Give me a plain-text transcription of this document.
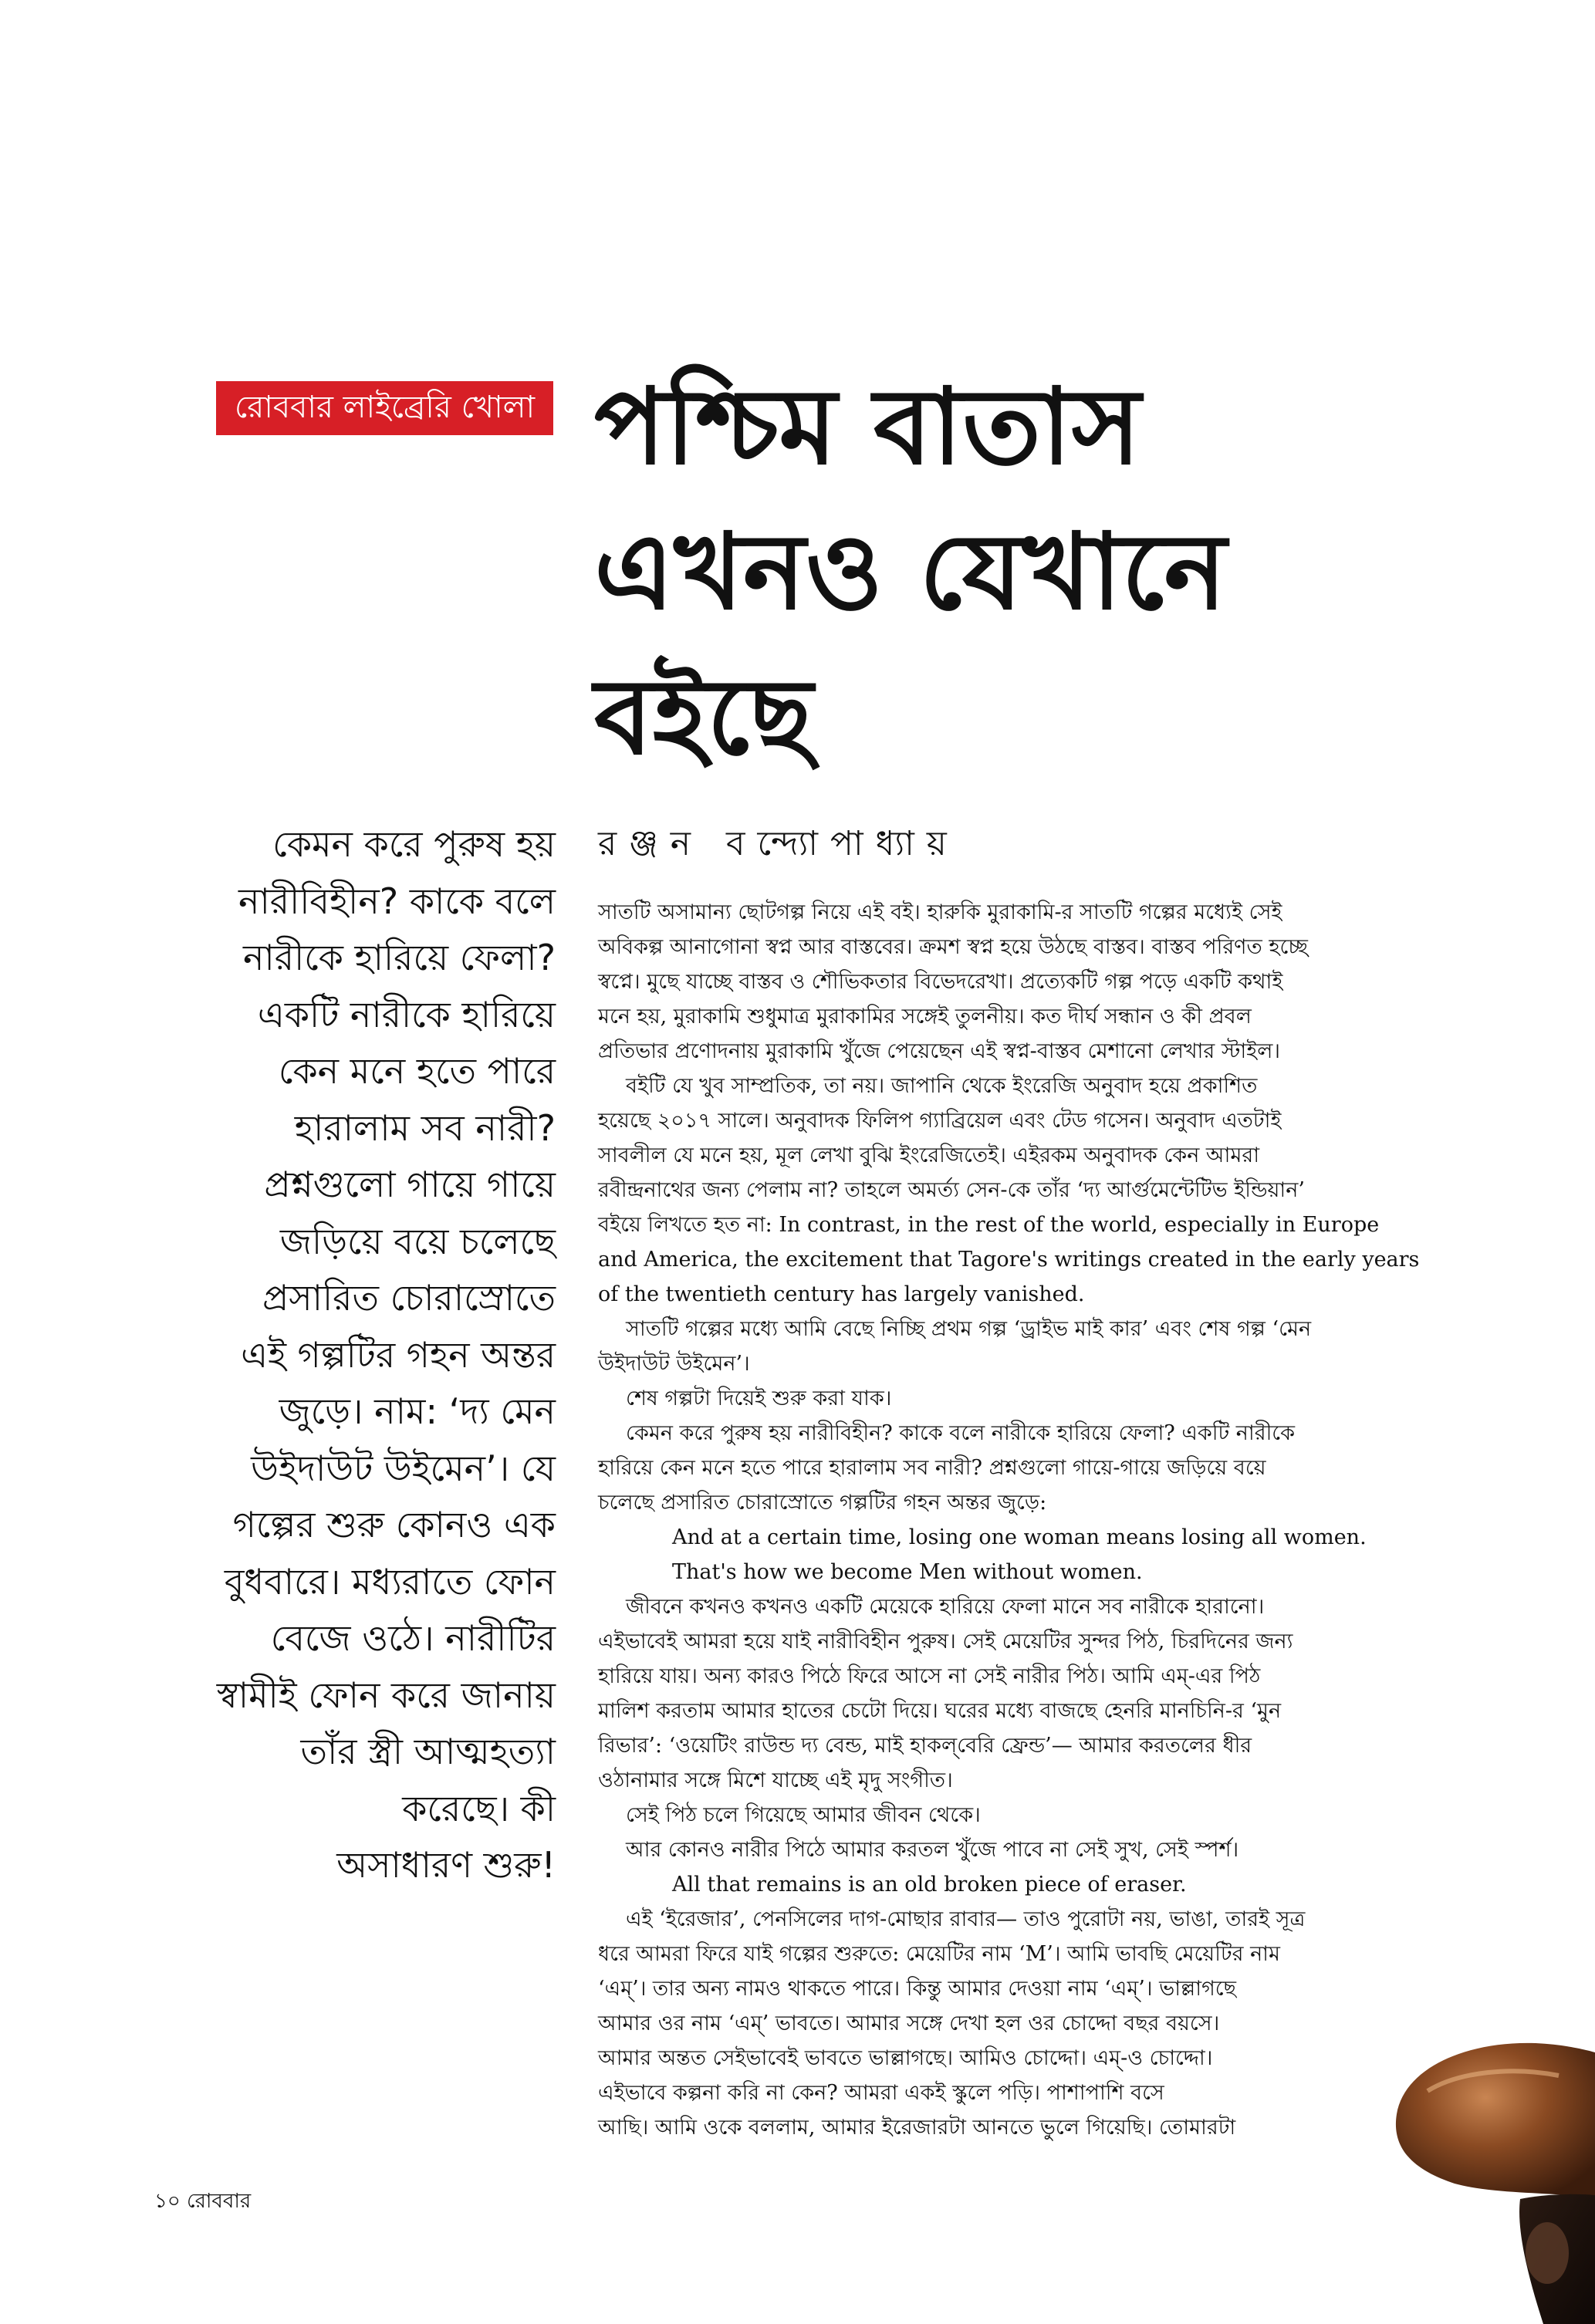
রোববার লাইব্রেরি খোলা পশ্চিম বাতাস
এখনও যেখানে
বইছে
রঞ্জন বন্দ্যোপাধ্যায়
কেমন করে পুরুষ হয়
নারীবিহীন? কাকে বলে
নারীকে হারিয়ে ফেলা?
একটি নারীকে হারিয়ে
কেন মনে হতে পারে
হারালাম সব নারী?
প্রশ্নগুলো গায়ে গায়ে
জড়িয়ে বয়ে চলেছে
প্রসারিত চোরাস্রোতে
এই গল্পটির গহন অন্তর
জুড়ে। নাম: ‘দ্য মেন
উইদাউট উইমেন’। যে
গল্পের শুরু কোনও এক
বুধবারে। মধ্যরাতে ফোন
বেজে ওঠে। নারীটির
স্বামীই ফোন করে জানায়
তাঁর স্ত্রী আত্মহত্যা
করেছে। কী
অসাধারণ শুরু!
সাতটি অসামান্য ছোটগল্প নিয়ে এই বই। হারুকি মুরাকামি-র সাতটি গল্পের মধ্যেই সেই
অবিকল্প আনাগোনা স্বপ্ন আর বাস্তবের। ক্রমশ স্বপ্ন হয়ে উঠছে বাস্তব। বাস্তব পরিণত হচ্ছে
স্বপ্নে। মুছে যাচ্ছে বাস্তব ও শৌভিকতার বিভেদরেখা। প্রত্যেকটি গল্প পড়ে একটি কথাই
মনে হয়, মুরাকামি শুধুমাত্র মুরাকামির সঙ্গেই তুলনীয়। কত দীর্ঘ সন্ধান ও কী প্রবল
প্রতিভার প্রণোদনায় মুরাকামি খুঁজে পেয়েছেন এই স্বপ্ন-বাস্তব মেশানো লেখার স্টাইল।
বইটি যে খুব সাম্প্রতিক, তা নয়। জাপানি থেকে ইংরেজি অনুবাদ হয়ে প্রকাশিত
হয়েছে ২০১৭ সালে। অনুবাদক ফিলিপ গ্যাব্রিয়েল এবং টেড গসেন। অনুবাদ এতটাই
সাবলীল যে মনে হয়, মূল লেখা বুঝি ইংরেজিতেই। এইরকম অনুবাদক কেন আমরা
রবীন্দ্রনাথের জন্য পেলাম না? তাহলে অমর্ত্য সেন-কে তাঁর ‘দ্য আর্গুমেন্টেটিভ ইন্ডিয়ান’
বইয়ে লিখতে হত না: In contrast, in the rest of the world, especially in Europe
and America, the excitement that Tagore's writings created in the early years
of the twentieth century has largely vanished.
সাতটি গল্পের মধ্যে আমি বেছে নিচ্ছি প্রথম গল্প ‘ড্রাইভ মাই কার’ এবং শেষ গল্প ‘মেন
উইদাউট উইমেন’।
শেষ গল্পটা দিয়েই শুরু করা যাক।
কেমন করে পুরুষ হয় নারীবিহীন? কাকে বলে নারীকে হারিয়ে ফেলা? একটি নারীকে
হারিয়ে কেন মনে হতে পারে হারালাম সব নারী? প্রশ্নগুলো গায়ে-গায়ে জড়িয়ে বয়ে
চলেছে প্রসারিত চোরাস্রোতে গল্পটির গহন অন্তর জুড়ে:
And at a certain time, losing one woman means losing all women.
That's how we become Men without women.
জীবনে কখনও কখনও একটি মেয়েকে হারিয়ে ফেলা মানে সব নারীকে হারানো।
এইভাবেই আমরা হয়ে যাই নারীবিহীন পুরুষ। সেই মেয়েটির সুন্দর পিঠ, চিরদিনের জন্য
হারিয়ে যায়। অন্য কারও পিঠে ফিরে আসে না সেই নারীর পিঠ। আমি এম্-এর পিঠ
মালিশ করতাম আমার হাতের চেটো দিয়ে। ঘরের মধ্যে বাজছে হেনরি মানচিনি-র ‘মুন
রিভার’: ‘ওয়েটিং রাউন্ড দ্য বেন্ড, মাই হাকল্‌বেরি ফ্রেন্ড’— আমার করতলের ধীর
ওঠানামার সঙ্গে মিশে যাচ্ছে এই মৃদু সংগীত।
সেই পিঠ চলে গিয়েছে আমার জীবন থেকে।
আর কোনও নারীর পিঠে আমার করতল খুঁজে পাবে না সেই সুখ, সেই স্পর্শ।
All that remains is an old broken piece of eraser.
এই ‘ইরেজার’, পেনসিলের দাগ-মোছার রাবার— তাও পুরোটা নয়, ভাঙা, তারই সূত্র
ধরে আমরা ফিরে যাই গল্পের শুরুতে: মেয়েটির নাম ‘M’। আমি ভাবছি মেয়েটির নাম
‘এম্’। তার অন্য নামও থাকতে পারে। কিন্তু আমার দেওয়া নাম ‘এম্’। ভাল্লাগছে
আমার ওর নাম ‘এম্’ ভাবতে। আমার সঙ্গে দেখা হল ওর চোদ্দো বছর বয়সে।
আমার অন্তত সেইভাবেই ভাবতে ভাল্লাগছে। আমিও চোদ্দো। এম্-ও চোদ্দো।
এইভাবে কল্পনা করি না কেন? আমরা একই স্কুলে পড়ি। পাশাপাশি বসে
আছি। আমি ওকে বললাম, আমার ইরেজারটা আনতে ভুলে গিয়েছি। তোমারটা
১০ রোববার
